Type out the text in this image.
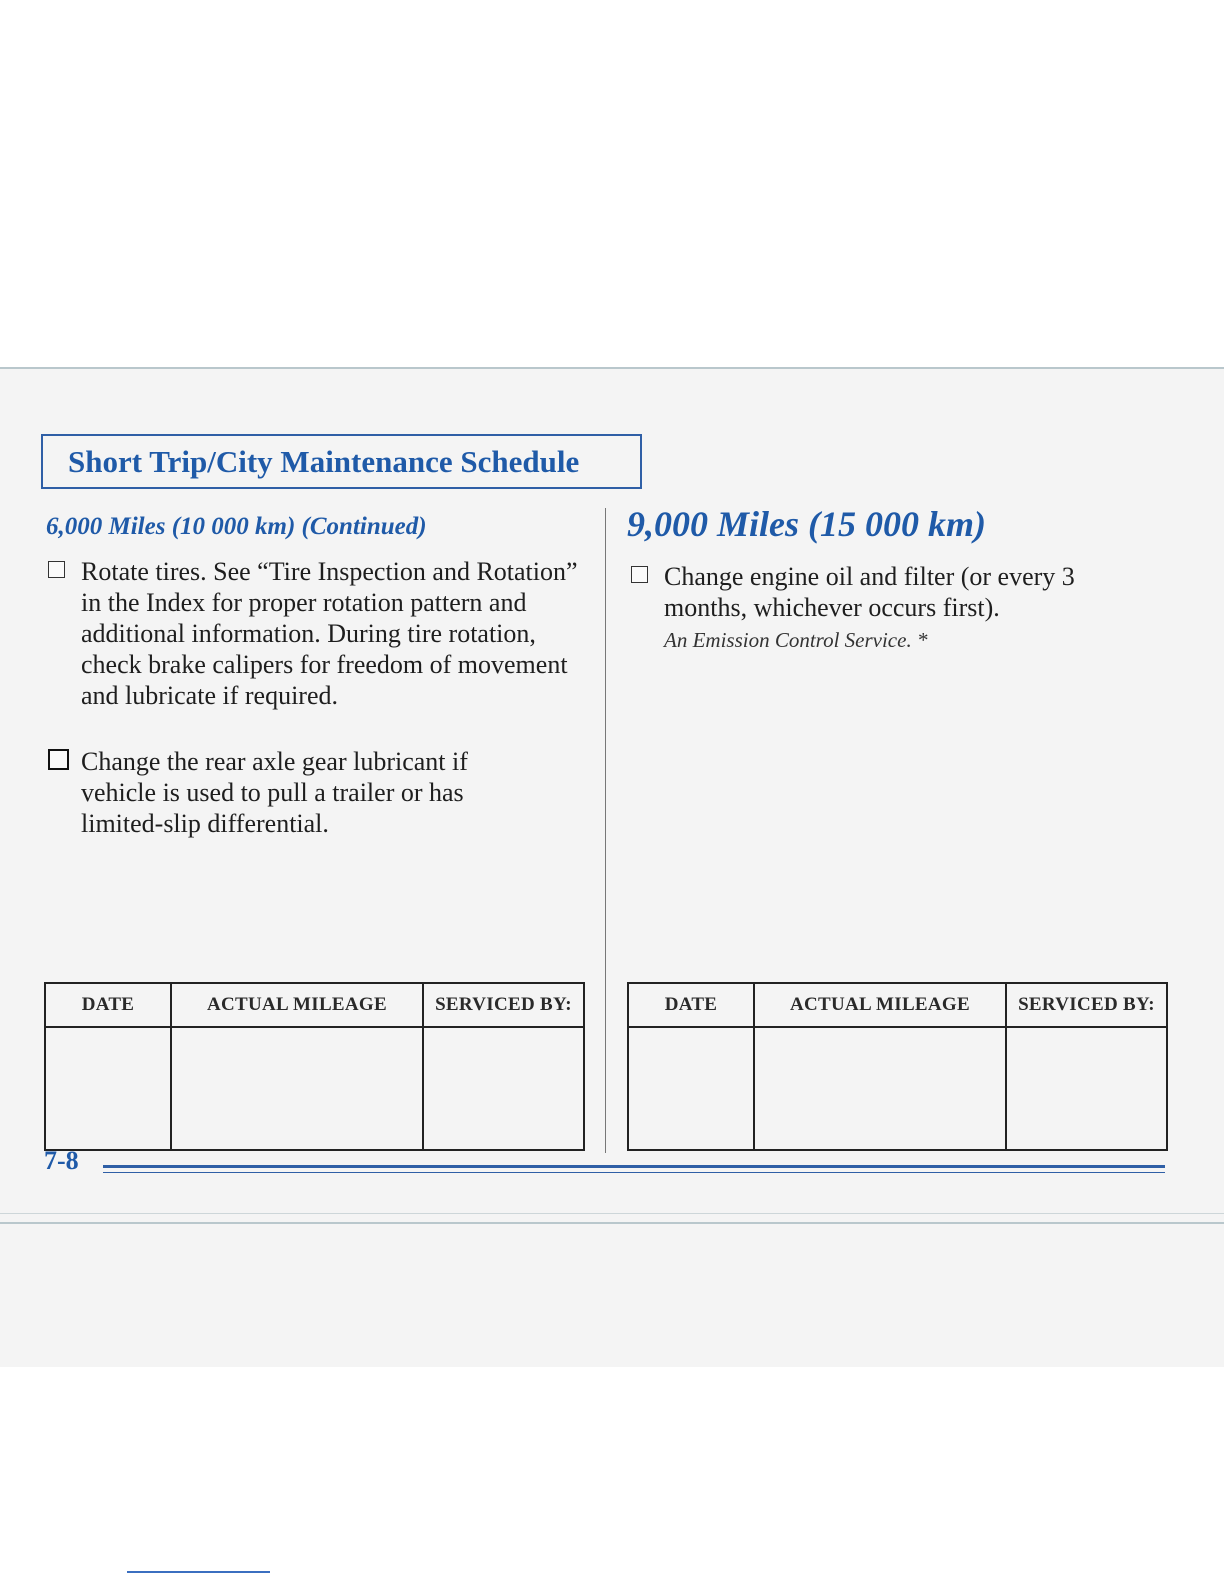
Short Trip/City Maintenance Schedule
6,000 Miles (10 000 km) (Continued)
Rotate tires. See “Tire Inspection and Rotation” in the Index for proper rotation pattern and additional information. During tire rotation, check brake calipers for freedom of movement and lubricate if required.
Change the rear axle gear lubricant if vehicle is used to pull a trailer or has limited-slip differential.
DATE	ACTUAL MILEAGE	SERVICED BY:

9,000 Miles (15 000 km)
Change engine oil and filter (or every 3 months, whichever occurs first).
An Emission Control Service. *
DATE	ACTUAL MILEAGE	SERVICED BY:

7-8
